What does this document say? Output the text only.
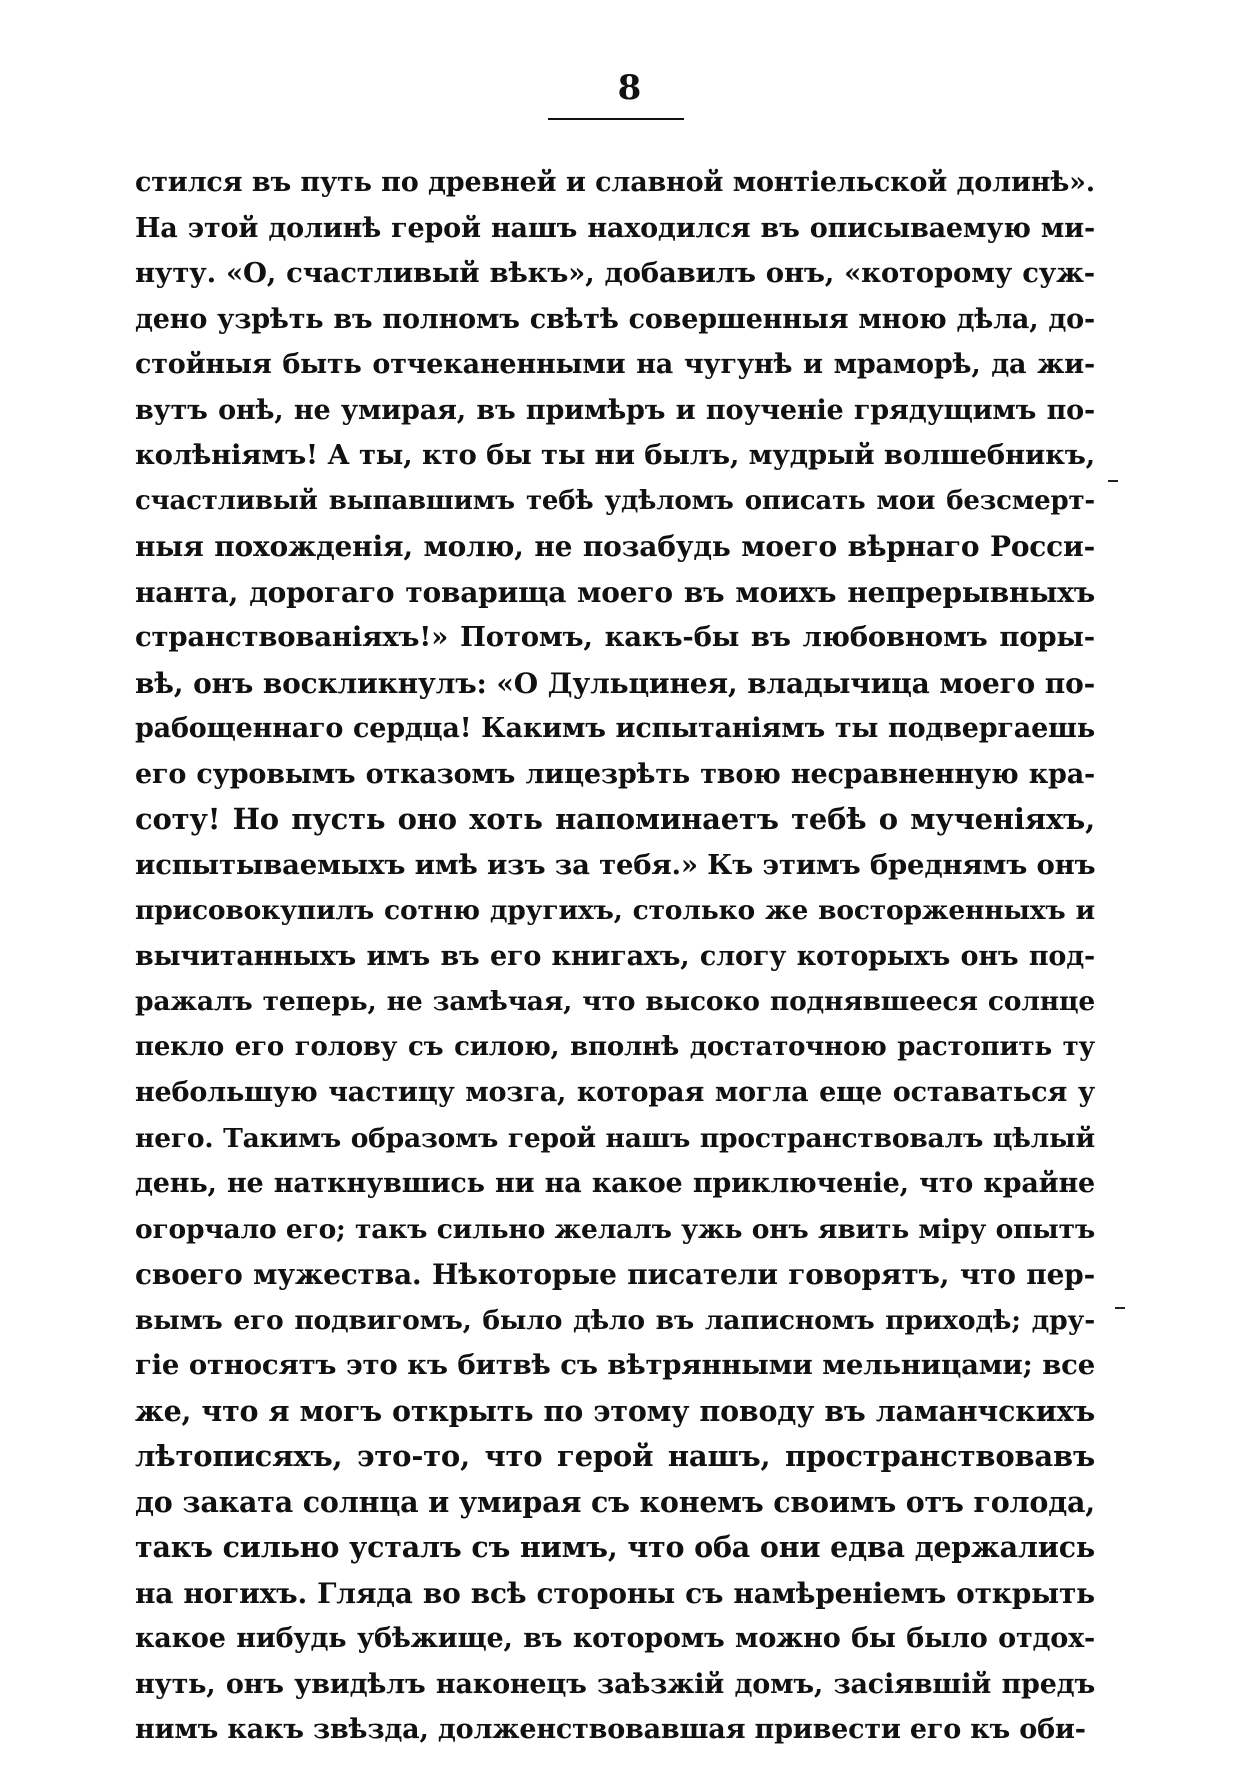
8
стился въ путь по древней и славной монтіельской долинѣ».
На этой долинѣ герой нашъ находился въ описываемую ми-
нуту. «О, счастливый вѣкъ», добавилъ онъ, «которому суж-
дено узрѣть въ полномъ свѣтѣ совершенныя мною дѣла, до-
стойныя быть отчеканенными на чугунѣ и мраморѣ, да жи-
вутъ онѣ, не умирая, въ примѣръ и поученіе грядущимъ по-
колѣніямъ! А ты, кто бы ты ни былъ, мудрый волшебникъ,
счастливый выпавшимъ тебѣ удѣломъ описать мои безсмерт-
ныя похожденія, молю, не позабудь моего вѣрнаго Росси-
нанта, дорогаго товарища моего въ моихъ непрерывныхъ
странствованіяхъ!» Потомъ, какъ-бы въ любовномъ поры-
вѣ, онъ воскликнулъ: «О Дульцинея, владычица моего по-
рабощеннаго сердца! Какимъ испытаніямъ ты подвергаешь
его суровымъ отказомъ лицезрѣть твою несравненную кра-
соту! Но пусть оно хоть напоминаетъ тебѣ о мученіяхъ,
испытываемыхъ имѣ изъ за тебя.» Къ этимъ бреднямъ онъ
присовокупилъ сотню другихъ, столько же восторженныхъ и
вычитанныхъ имъ въ его книгахъ, слогу которыхъ онъ под-
ражалъ теперь, не замѣчая, что высоко поднявшееся солнце
пекло его голову съ силою, вполнѣ достаточною растопить ту
небольшую частицу мозга, которая могла еще оставаться у
него. Такимъ образомъ герой нашъ пространствовалъ цѣлый
день, не наткнувшись ни на какое приключеніе, что крайне
огорчало его; такъ сильно желалъ ужь онъ явить міру опытъ
своего мужества. Нѣкоторые писатели говорятъ, что пер-
вымъ его подвигомъ, было дѣло въ лаписномъ приходѣ; дру-
гіе относятъ это къ битвѣ съ вѣтрянными мельницами; все
же, что я могъ открыть по этому поводу въ ламанчскихъ
лѣтописяхъ, это-то, что герой нашъ, пространствовавъ
до заката солнца и умирая съ конемъ своимъ отъ голода,
такъ сильно усталъ съ нимъ, что оба они едва держались
на ногихъ. Гляда во всѣ стороны съ намѣреніемъ открыть
какое нибудь убѣжище, въ которомъ можно бы было отдох-
нуть, онъ увидѣлъ наконецъ заѣзжій домъ, засіявшій предъ
нимъ какъ звѣзда, долженствовавшая привести его къ оби-
